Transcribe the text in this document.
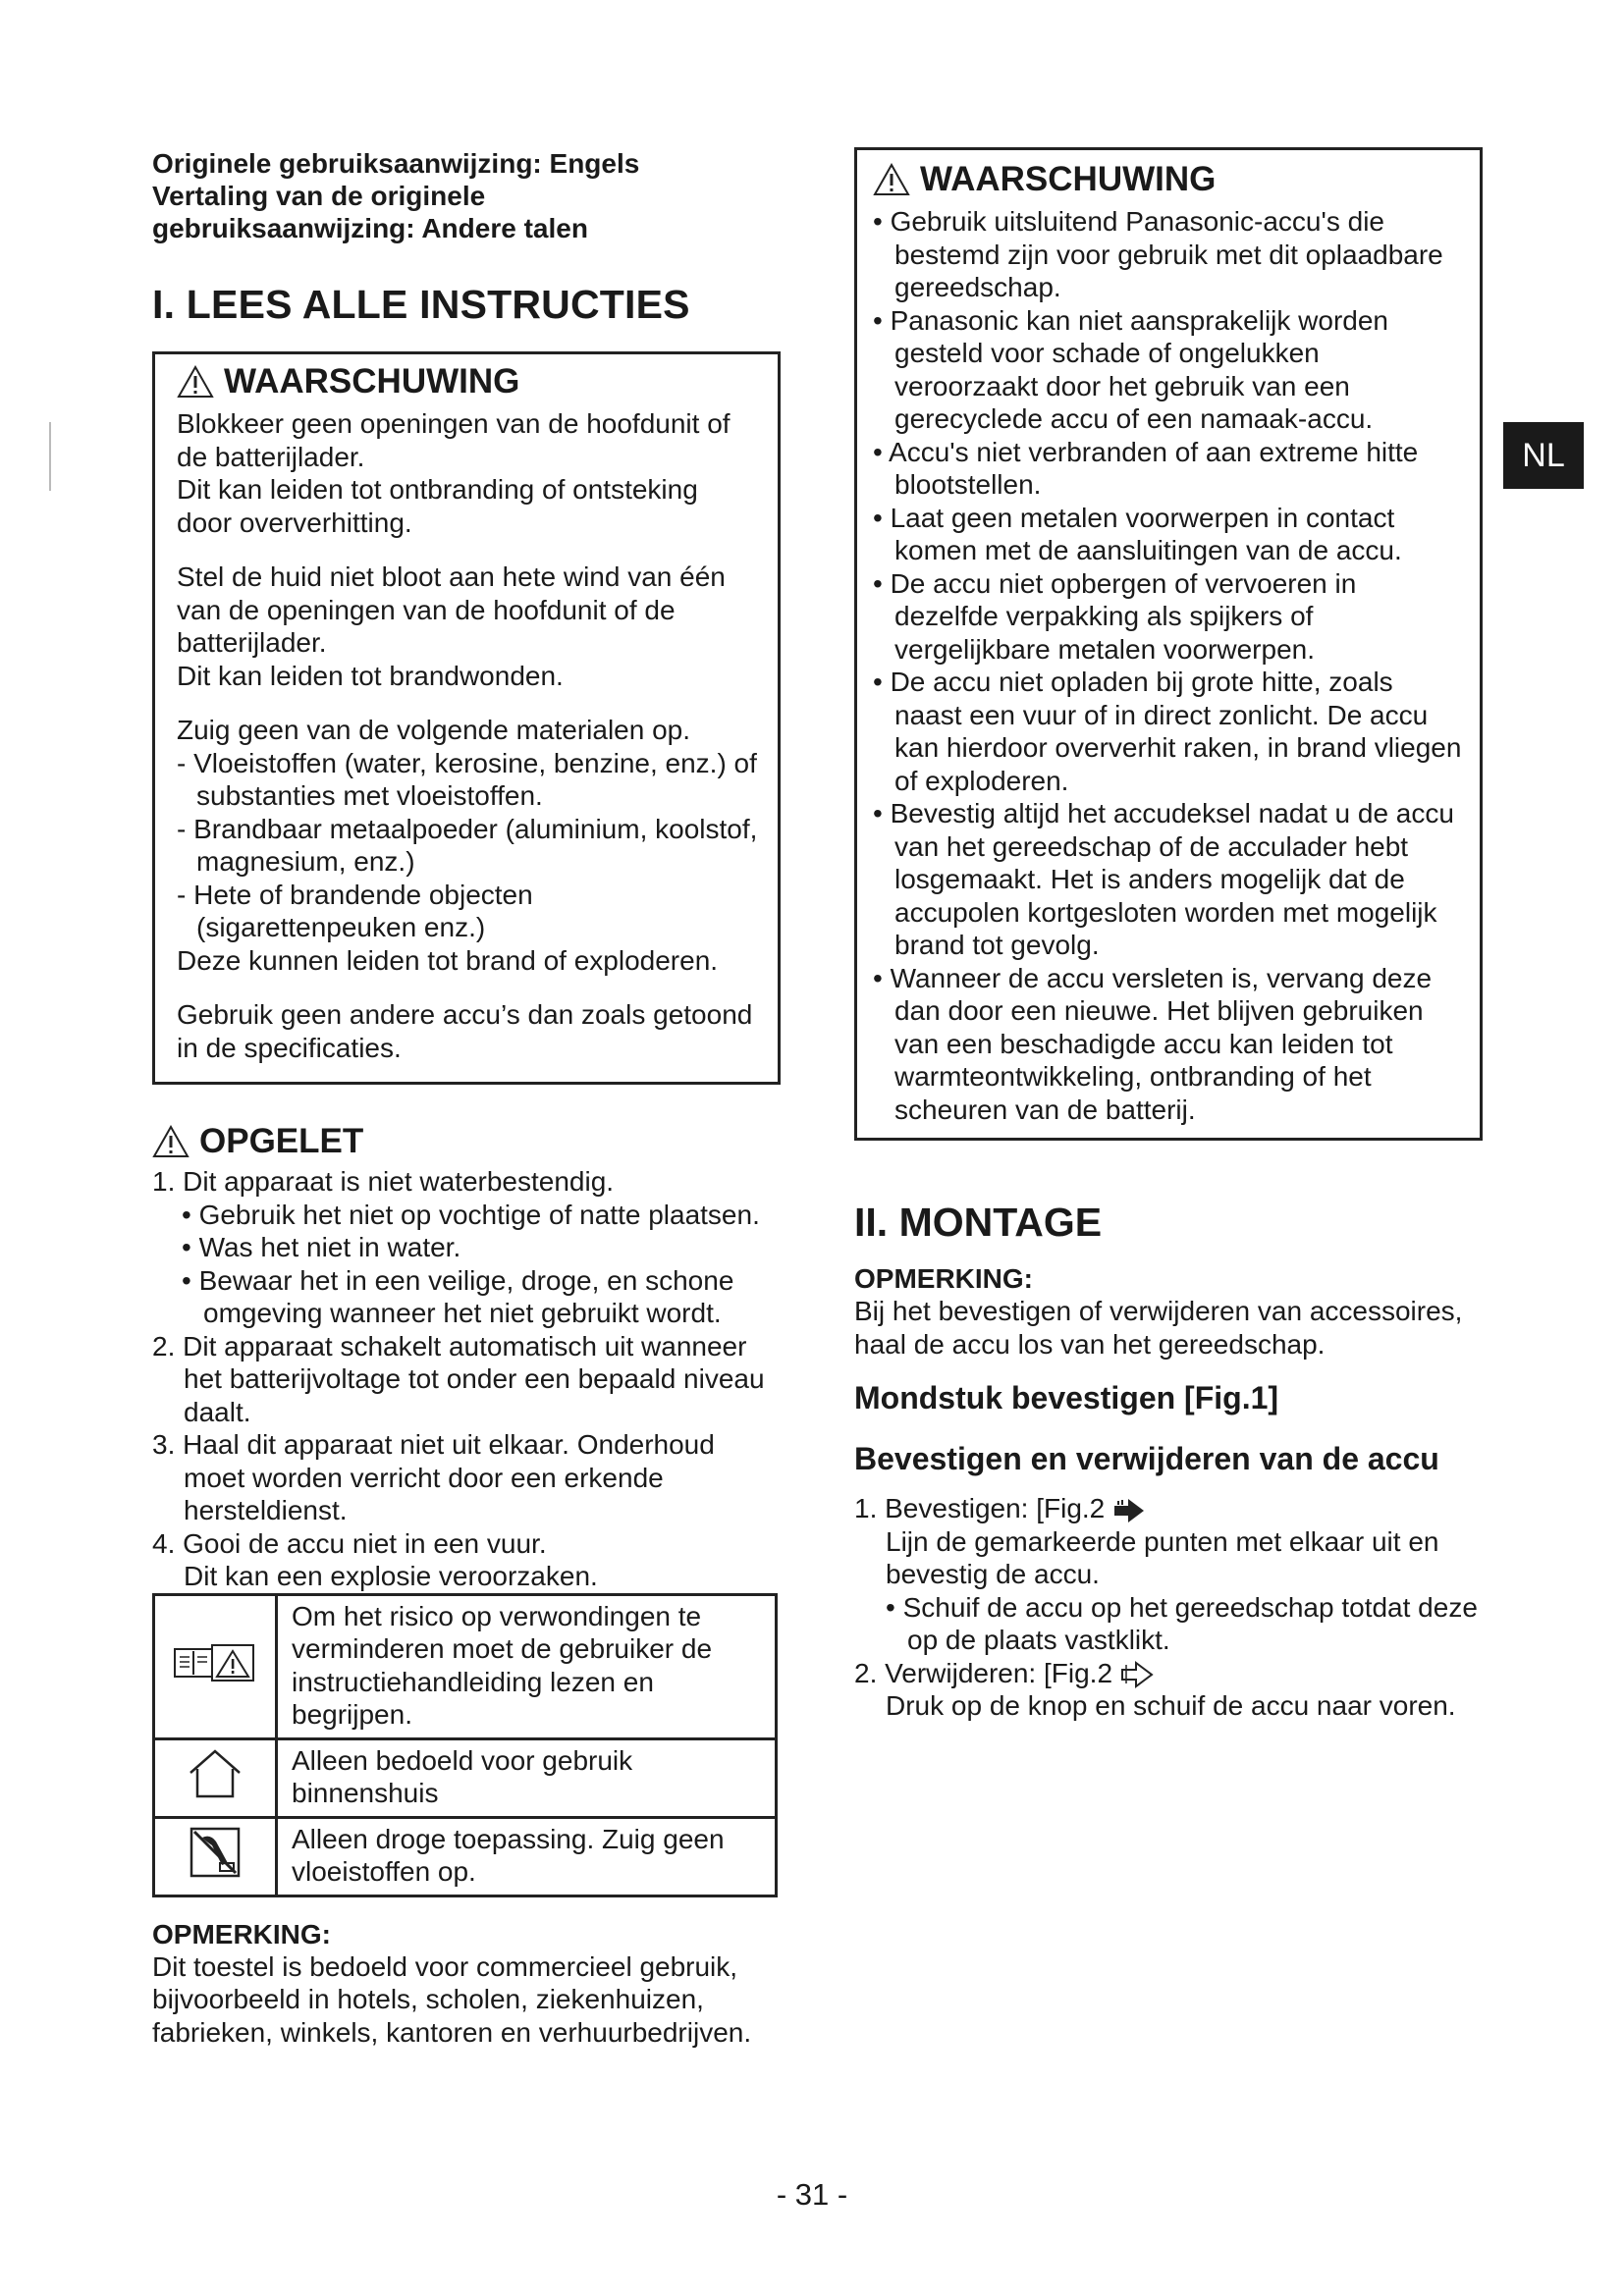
Originele gebruiksaanwijzing: Engels

Vertaling van de originele

gebruiksaanwijzing: Andere talen

I. LEES ALLE INSTRUCTIES
WAARSCHUWING

Blokkeer geen openingen van de hoofdunit of de batterijlader.

Dit kan leiden tot ontbranding of ontsteking door oververhitting.

Stel de huid niet bloot aan hete wind van één van de openingen van de hoofdunit of de batterijlader.

Dit kan leiden tot brandwonden.

Zuig geen van de volgende materialen op.

- Vloeistoffen (water, kerosine, benzine, enz.) of substanties met vloeistoffen.

- Brandbaar metaalpoeder (aluminium, koolstof, magnesium, enz.)

- Hete of brandende objecten (sigarettenpeuken enz.)

Deze kunnen leiden tot brand of exploderen.

Gebruik geen andere accu’s dan zoals getoond in de specificaties.

OPGELET
1. Dit apparaat is niet waterbestendig.

• Gebruik het niet op vochtige of natte plaatsen.

• Was het niet in water.

• Bewaar het in een veilige, droge, en schone omgeving wanneer het niet gebruikt wordt.

2. Dit apparaat schakelt automatisch uit wanneer het batterijvoltage tot onder een bepaald niveau daalt.
3. Haal dit apparaat niet uit elkaar. Onderhoud moet worden verricht door een erkende hersteldienst.
4. Gooi de accu niet in een vuur.

Dit kan een explosie veroorzaken.

	Om het risico op verwondingen te verminderen moet de gebruiker de instructiehandleiding lezen en begrijpen.
	Alleen bedoeld voor gebruik binnenshuis
	Alleen droge toepassing. Zuig geen vloeistoffen op.

OPMERKING:

Dit toestel is bedoeld voor commercieel gebruik, bijvoorbeeld in hotels, scholen, ziekenhuizen, fabrieken, winkels, kantoren en verhuurbedrijven.

WAARSCHUWING

• Gebruik uitsluitend Panasonic-accu's die bestemd zijn voor gebruik met dit oplaadbare gereedschap.

• Panasonic kan niet aansprakelijk worden gesteld voor schade of ongelukken veroorzaakt door het gebruik van een gerecyclede accu of een namaak-accu.

• Accu's niet verbranden of aan extreme hitte blootstellen.

• Laat geen metalen voorwerpen in contact komen met de aansluitingen van de accu.

• De accu niet opbergen of vervoeren in dezelfde verpakking als spijkers of vergelijkbare metalen voorwerpen.

• De accu niet opladen bij grote hitte, zoals naast een vuur of in direct zonlicht. De accu kan hierdoor oververhit raken, in brand vliegen of exploderen.

• Bevestig altijd het accudeksel nadat u de accu van het gereedschap of de acculader hebt losgemaakt. Het is anders mogelijk dat de accupolen kortgesloten worden met mogelijk brand tot gevolg.

• Wanneer de accu versleten is, vervang deze dan door een nieuwe. Het blijven gebruiken van een beschadigde accu kan leiden tot warmteontwikkeling, ontbranding of het scheuren van de batterij.

II. MONTAGE

OPMERKING:

Bij het bevestigen of verwijderen van accessoires, haal de accu los van het gereedschap.

Mondstuk bevestigen [Fig.1]
Bevestigen en verwijderen van de accu

1. Bevestigen: [Fig.2

Lijn de gemarkeerde punten met elkaar uit en bevestig de accu.

• Schuif de accu op het gereedschap totdat deze op de plaats vastklikt.

2. Verwijderen: [Fig.2

Druk op de knop en schuif de accu naar voren.

NL
- 31 -
